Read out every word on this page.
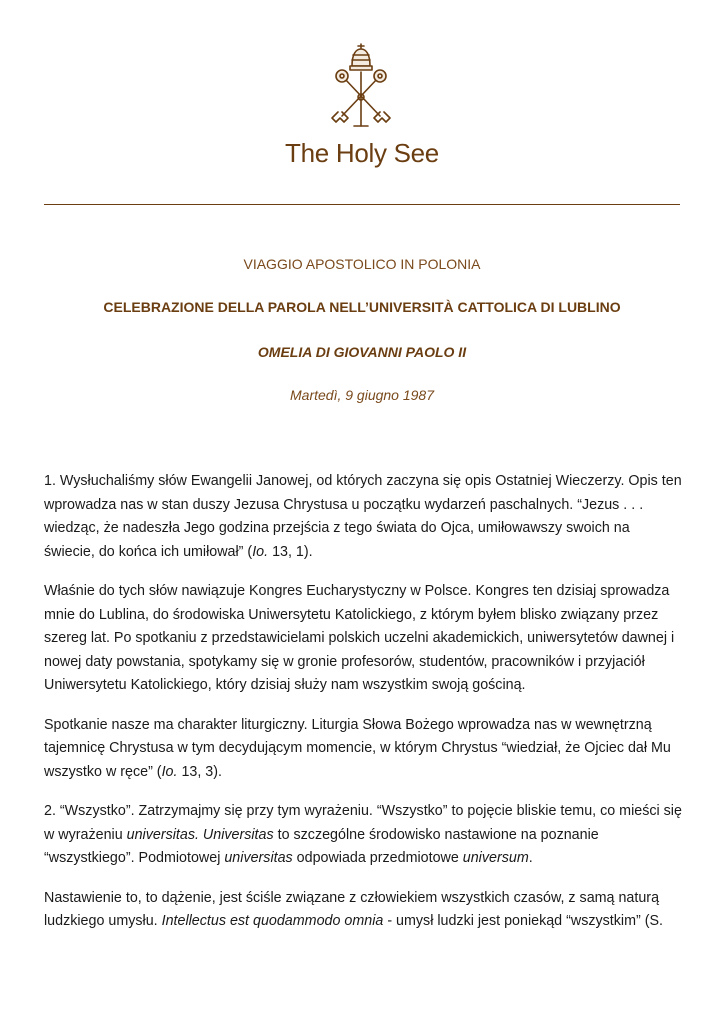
The Holy See
VIAGGIO APOSTOLICO IN POLONIA
CELEBRAZIONE DELLA PAROLA NELL’UNIVERSITÀ CATTOLICA DI LUBLINO
OMELIA DI GIOVANNI PAOLO II
Martedì, 9 giugno 1987

1. Wysłuchaliśmy słów Ewangelii Janowej, od których zaczyna się opis Ostatniej Wieczerzy. Opis ten wprowadza nas w stan duszy Jezusa Chrystusa u początku wydarzeń paschalnych. “Jezus . . . wiedząc, że nadeszła Jego godzina przejścia z tego świata do Ojca, umiłowawszy swoich na świecie, do końca ich umiłował” (Io. 13, 1).

Właśnie do tych słów nawiązuje Kongres Eucharystyczny w Polsce. Kongres ten dzisiaj sprowadza mnie do Lublina, do środowiska Uniwersytetu Katolickiego, z którym byłem blisko związany przez szereg lat. Po spotkaniu z przedstawicielami polskich uczelni akademickich, uniwersytetów dawnej i nowej daty powstania, spotykamy się w gronie profesorów, studentów, pracowników i przyjaciół Uniwersytetu Katolickiego, który dzisiaj służy nam wszystkim swoją gościną.

Spotkanie nasze ma charakter liturgiczny. Liturgia Słowa Bożego wprowadza nas w wewnętrzną tajemnicę Chrystusa w tym decydującym momencie, w którym Chrystus “wiedział, że Ojciec dał Mu wszystko w ręce” (Io. 13, 3).

2. “Wszystko”. Zatrzymajmy się przy tym wyrażeniu. “Wszystko” to pojęcie bliskie temu, co mieści się w wyrażeniu universitas. Universitas to szczególne środowisko nastawione na poznanie “wszystkiego”. Podmiotowej universitas odpowiada przedmiotowe universum.

Nastawienie to, to dążenie, jest ściśle związane z człowiekiem wszystkich czasów, z samą naturą ludzkiego umysłu. Intellectus est quodammodo omnia - umysł ludzki jest poniekąd “wszystkim” (S.
